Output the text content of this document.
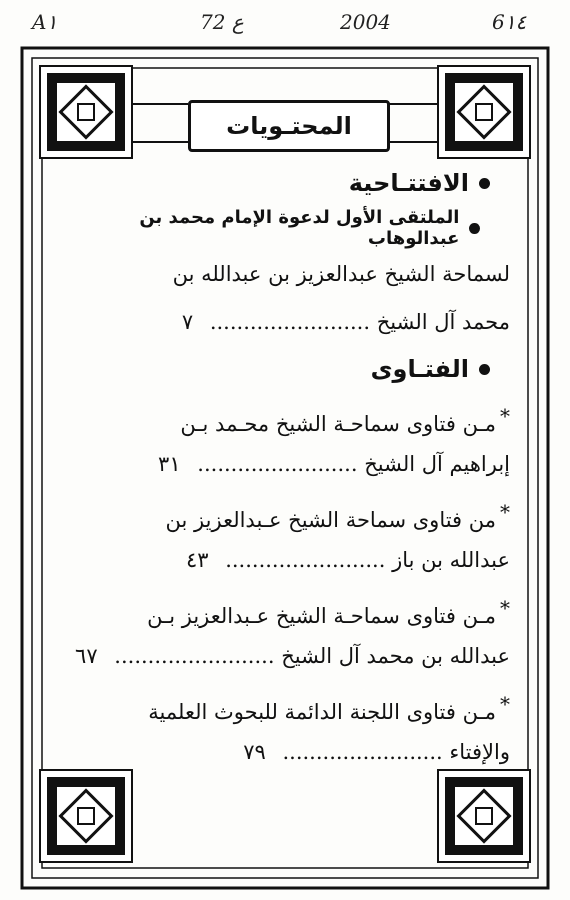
A١	72 ع	2004	6١٤
المحتـويات
الافتتـاحية
الملتقى الأول لدعوة الإمام محمد بن عبدالوهاب
لسماحة الشيخ عبدالعزيز بن عبدالله بن
محمد آل الشيخ ........................ ٧
الفتـاوى
*مـن فتاوى سماحـة الشيخ محـمد بـن
إبراهيم آل الشيخ ........................ ٣١
*من فتاوى سماحة الشيخ عـبدالعزيز بن
عبدالله بن باز ........................ ٤٣
*مـن فتاوى سماحـة الشيخ عـبدالعزيز بـن
عبدالله بن محمد آل الشيخ ........................ ٦٧
*مـن فتاوى اللجنة الدائمة للبحوث العلمية
والإفتاء ........................ ٧٩
